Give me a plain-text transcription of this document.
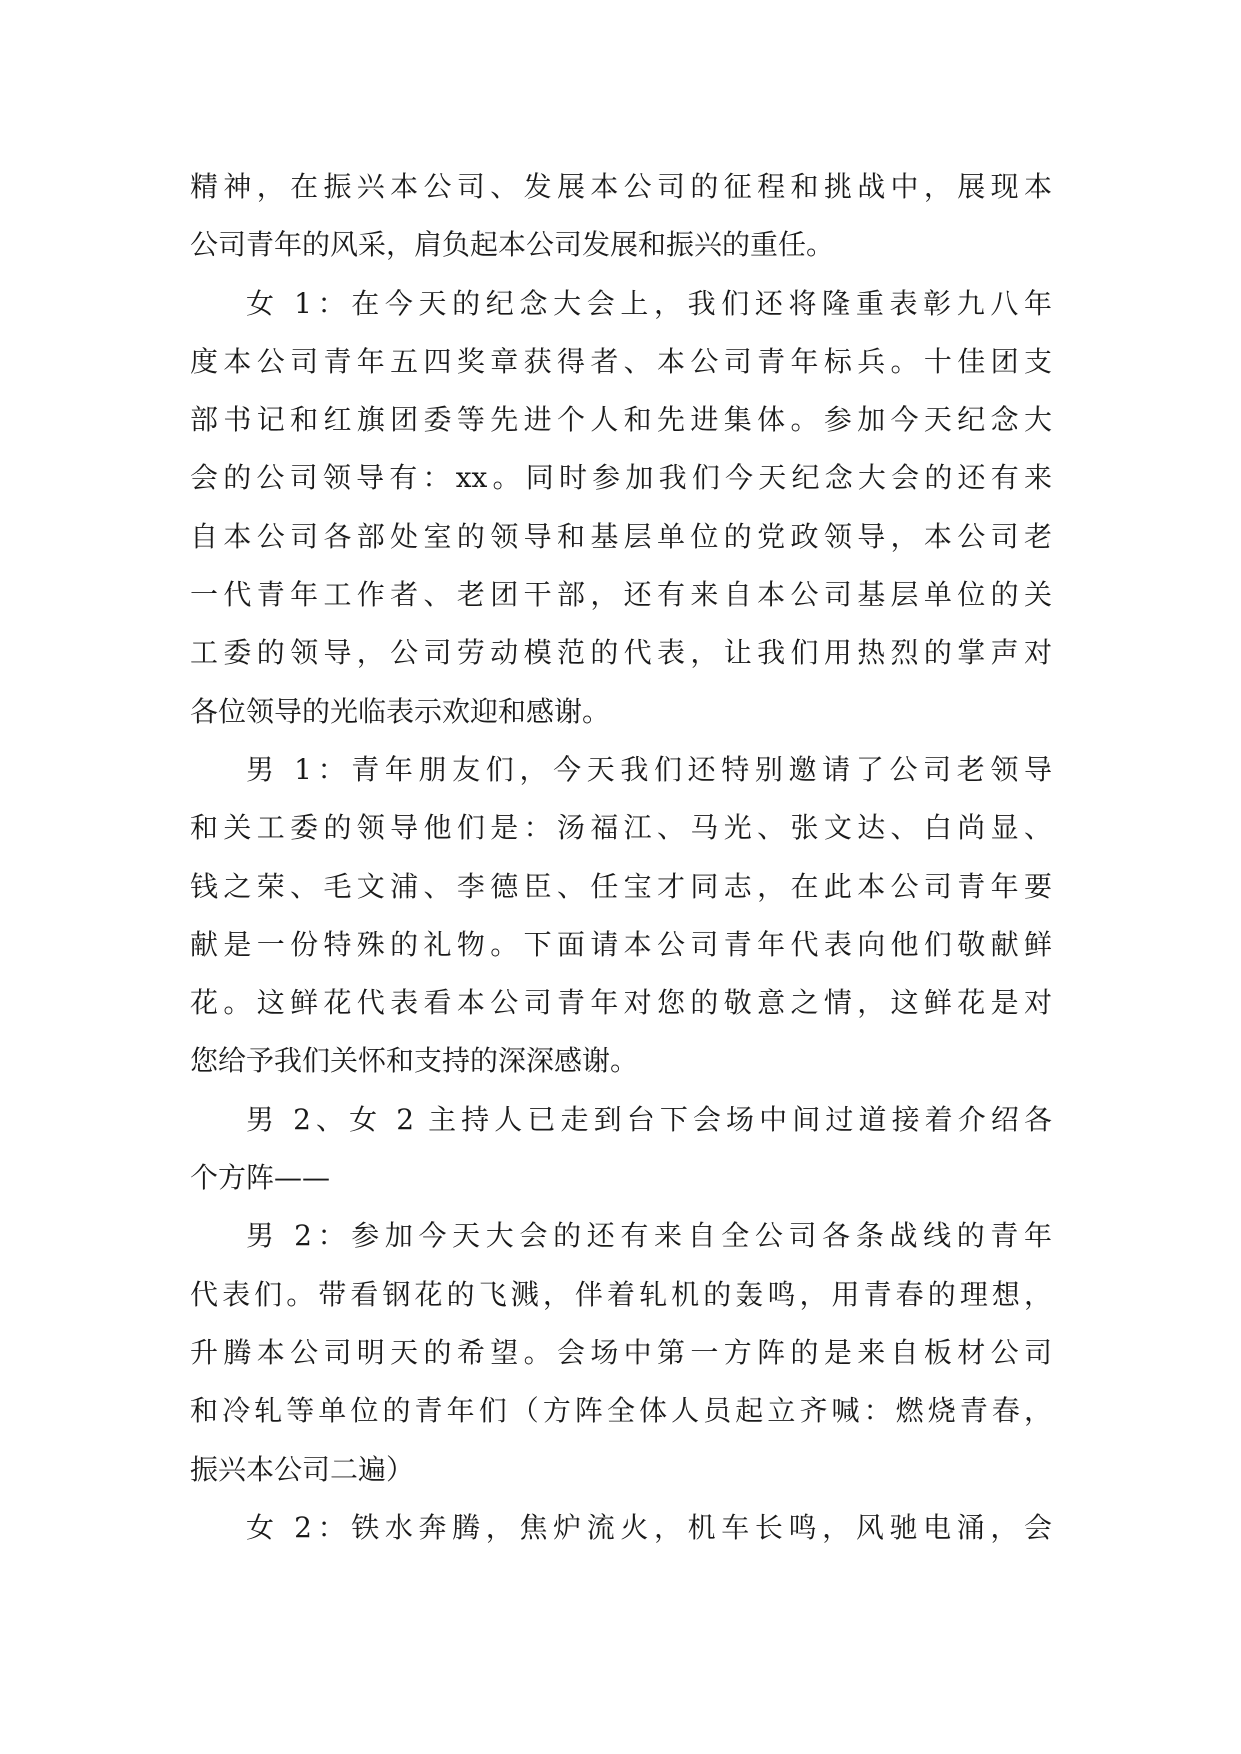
精神，在振兴本公司、发展本公司的征程和挑战中，展现本
公司青年的风采，肩负起本公司发展和振兴的重任。
女 1：在今天的纪念大会上，我们还将隆重表彰九八年
度本公司青年五四奖章获得者、本公司青年标兵。十佳团支
部书记和红旗团委等先进个人和先进集体。参加今天纪念大
会的公司领导有：xx。同时参加我们今天纪念大会的还有来
自本公司各部处室的领导和基层单位的党政领导，本公司老
一代青年工作者、老团干部，还有来自本公司基层单位的关
工委的领导，公司劳动模范的代表，让我们用热烈的掌声对
各位领导的光临表示欢迎和感谢。
男 1：青年朋友们，今天我们还特别邀请了公司老领导
和关工委的领导他们是：汤福江、马光、张文达、白尚显、
钱之荣、毛文浦、李德臣、任宝才同志，在此本公司青年要
献是一份特殊的礼物。下面请本公司青年代表向他们敬献鲜
花。这鲜花代表看本公司青年对您的敬意之情，这鲜花是对
您给予我们关怀和支持的深深感谢。
男 2、女 2 主持人已走到台下会场中间过道接着介绍各
个方阵——
男 2：参加今天大会的还有来自全公司各条战线的青年
代表们。带看钢花的飞溅，伴着轧机的轰鸣，用青春的理想，
升腾本公司明天的希望。会场中第一方阵的是来自板材公司
和冷轧等单位的青年们（方阵全体人员起立齐喊：燃烧青春，
振兴本公司二遍）
女 2：铁水奔腾，焦炉流火，机车长鸣，风驰电涌，会
